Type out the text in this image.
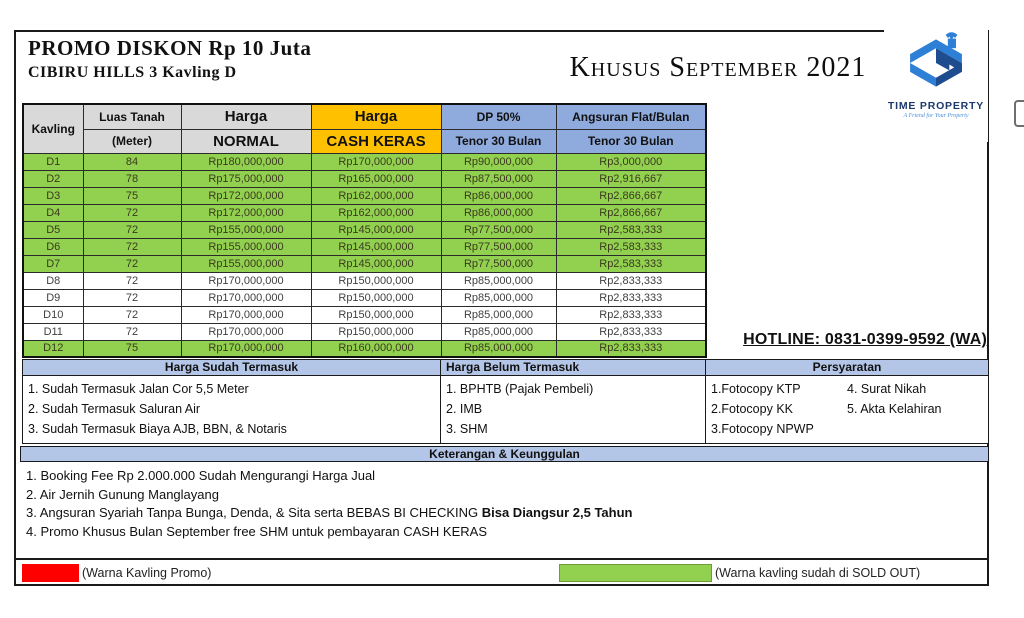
PROMO DISKON Rp 10 Juta
CIBIRU HILLS 3 Kavling D	Khusus September 2021
TIME PROPERTY
A Friend for Your Property
Kavling	Luas Tanah	Harga	Harga	DP 50%	Angsuran Flat/Bulan
	(Meter)	NORMAL	CASH KERAS	Tenor 30 Bulan	Tenor 30 Bulan
D1	84	Rp180,000,000	Rp170,000,000	Rp90,000,000	Rp3,000,000
D2	78	Rp175,000,000	Rp165,000,000	Rp87,500,000	Rp2,916,667
D3	75	Rp172,000,000	Rp162,000,000	Rp86,000,000	Rp2,866,667
D4	72	Rp172,000,000	Rp162,000,000	Rp86,000,000	Rp2,866,667
D5	72	Rp155,000,000	Rp145,000,000	Rp77,500,000	Rp2,583,333
D6	72	Rp155,000,000	Rp145,000,000	Rp77,500,000	Rp2,583,333
D7	72	Rp155,000,000	Rp145,000,000	Rp77,500,000	Rp2,583,333
D8	72	Rp170,000,000	Rp150,000,000	Rp85,000,000	Rp2,833,333
D9	72	Rp170,000,000	Rp150,000,000	Rp85,000,000	Rp2,833,333
D10	72	Rp170,000,000	Rp150,000,000	Rp85,000,000	Rp2,833,333
D11	72	Rp170,000,000	Rp150,000,000	Rp85,000,000	Rp2,833,333
D12	75	Rp170,000,000	Rp160,000,000	Rp85,000,000	Rp2,833,333
HOTLINE: 0831-0399-9592 (WA)
Harga Sudah Termasuk	Harga Belum Termasuk	Persyaratan
1. Sudah Termasuk Jalan Cor 5,5 Meter
2. Sudah Termasuk Saluran Air
3. Sudah Termasuk Biaya AJB, BBN, & Notaris
1. BPHTB (Pajak Pembeli)
2. IMB
3. SHM
1.Fotocopy KTP
2.Fotocopy KK
3.Fotocopy NPWP
4. Surat Nikah
5. Akta Kelahiran
Keterangan & Keunggulan
1. Booking Fee Rp 2.000.000 Sudah Mengurangi Harga Jual
2. Air Jernih Gunung Manglayang
3. Angsuran Syariah Tanpa Bunga, Denda, & Sita serta BEBAS BI CHECKING Bisa Diangsur 2,5 Tahun
4. Promo Khusus Bulan September free SHM untuk pembayaran CASH KERAS
(Warna Kavling Promo)	(Warna kavling sudah di SOLD OUT)
